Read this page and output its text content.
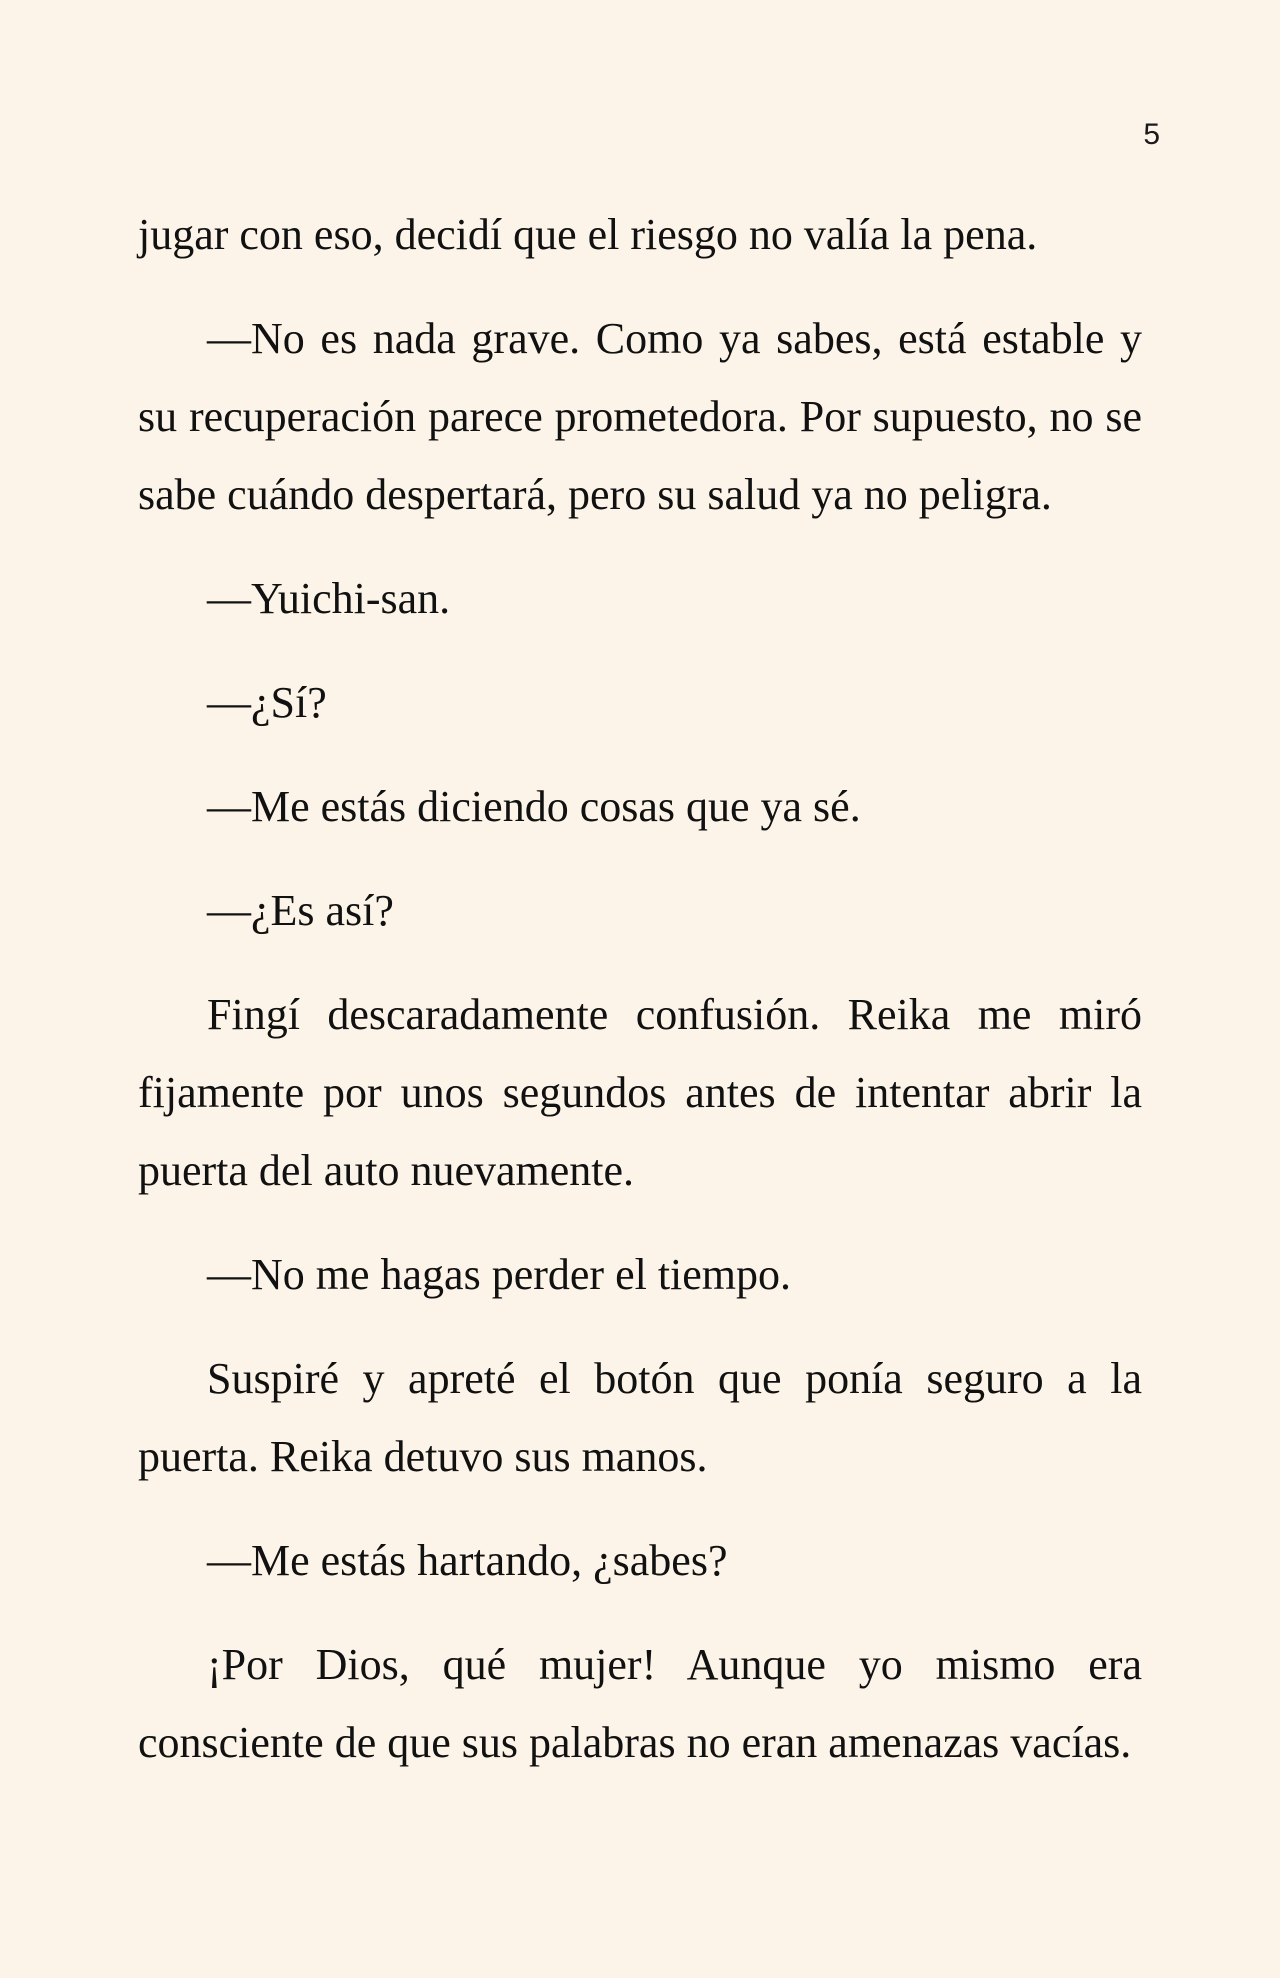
5

jugar con eso, decidí que el riesgo no valía la pena.

—No es nada grave. Como ya sabes, está estable y su recuperación parece prometedora. Por supuesto, no se sabe cuándo despertará, pero su salud ya no peligra.

—Yuichi-san.

—¿Sí?

—Me estás diciendo cosas que ya sé.

—¿Es así?

Fingí descaradamente confusión. Reika me miró fijamente por unos segundos antes de intentar abrir la puerta del auto nuevamente.

—No me hagas perder el tiempo.

Suspiré y apreté el botón que ponía seguro a la puerta. Reika detuvo sus manos.

—Me estás hartando, ¿sabes?

¡Por Dios, qué mujer! Aunque yo mismo era consciente de que sus palabras no eran amenazas vacías.
